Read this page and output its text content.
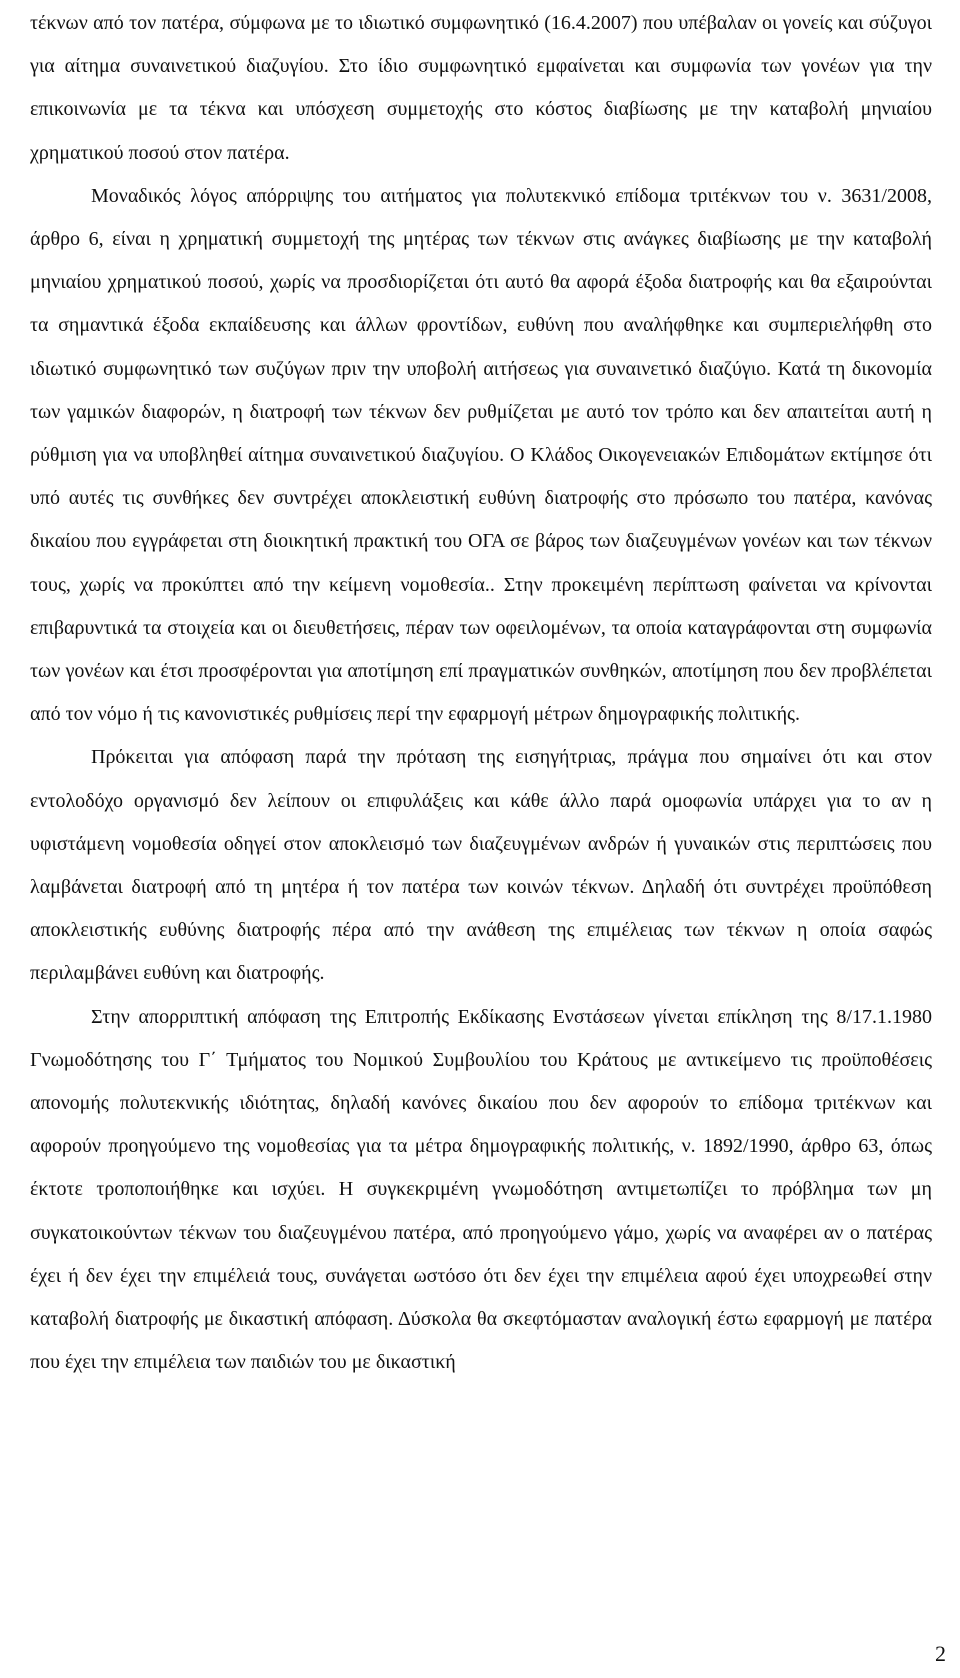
τέκνων από τον πατέρα, σύμφωνα με το ιδιωτικό συμφωνητικό (16.4.2007) που υπέβαλαν οι γονείς και σύζυγοι για αίτημα συναινετικού διαζυγίου. Στο ίδιο συμφωνητικό εμφαίνεται και συμφωνία των γονέων για την επικοινωνία με τα τέκνα και υπόσχεση συμμετοχής στο κόστος διαβίωσης με την καταβολή μηνιαίου χρηματικού ποσού στον πατέρα.

Μοναδικός λόγος απόρριψης του αιτήματος για πολυτεκνικό επίδομα τριτέκνων του ν. 3631/2008, άρθρο 6, είναι η χρηματική συμμετοχή της μητέρας των τέκνων στις ανάγκες διαβίωσης με την καταβολή μηνιαίου χρηματικού ποσού, χωρίς να προσδιορίζεται ότι αυτό θα αφορά έξοδα διατροφής και θα εξαιρούνται τα σημαντικά έξοδα εκπαίδευσης και άλλων φροντίδων, ευθύνη που αναλήφθηκε και συμπεριελήφθη στο ιδιωτικό συμφωνητικό των συζύγων πριν την υποβολή αιτήσεως για συναινετικό διαζύγιο. Κατά τη δικονομία των γαμικών διαφορών, η διατροφή των τέκνων δεν ρυθμίζεται με αυτό τον τρόπο και δεν απαιτείται αυτή η ρύθμιση για να υποβληθεί αίτημα συναινετικού διαζυγίου. Ο Κλάδος Οικογενειακών Επιδομάτων εκτίμησε ότι υπό αυτές τις συνθήκες δεν συντρέχει αποκλειστική ευθύνη διατροφής στο πρόσωπο του πατέρα, κανόνας δικαίου που εγγράφεται στη διοικητική πρακτική του ΟΓΑ σε βάρος των διαζευγμένων γονέων και των τέκνων τους, χωρίς να προκύπτει από την κείμενη νομοθεσία.. Στην προκειμένη περίπτωση φαίνεται να κρίνονται επιβαρυντικά τα στοιχεία και οι διευθετήσεις, πέραν των οφειλομένων, τα οποία καταγράφονται στη συμφωνία των γονέων και έτσι προσφέρονται για αποτίμηση επί πραγματικών συνθηκών, αποτίμηση που δεν προβλέπεται από τον νόμο ή τις κανονιστικές ρυθμίσεις περί την εφαρμογή μέτρων δημογραφικής πολιτικής.

Πρόκειται για απόφαση παρά την πρόταση της εισηγήτριας, πράγμα που σημαίνει ότι και στον εντολοδόχο οργανισμό δεν λείπουν οι επιφυλάξεις και κάθε άλλο παρά ομοφωνία υπάρχει για το αν η υφιστάμενη νομοθεσία οδηγεί στον αποκλεισμό των διαζευγμένων ανδρών ή γυναικών στις περιπτώσεις που λαμβάνεται διατροφή από τη μητέρα ή τον πατέρα των κοινών τέκνων. Δηλαδή ότι συντρέχει προϋπόθεση αποκλειστικής ευθύνης διατροφής πέρα από την ανάθεση της επιμέλειας των τέκνων η οποία σαφώς περιλαμβάνει ευθύνη και διατροφής.

Στην απορριπτική απόφαση της Επιτροπής Εκδίκασης Ενστάσεων γίνεται επίκληση της 8/17.1.1980 Γνωμοδότησης του Γ΄ Τμήματος του Νομικού Συμβουλίου του Κράτους με αντικείμενο τις προϋποθέσεις απονομής πολυτεκνικής ιδιότητας, δηλαδή κανόνες δικαίου που δεν αφορούν το επίδομα τριτέκνων και αφορούν προηγούμενο της νομοθεσίας για τα μέτρα δημογραφικής πολιτικής, ν. 1892/1990, άρθρο 63, όπως έκτοτε τροποποιήθηκε και ισχύει. Η συγκεκριμένη γνωμοδότηση αντιμετωπίζει το πρόβλημα των μη συγκατοικούντων τέκνων του διαζευγμένου πατέρα, από προηγούμενο γάμο, χωρίς να αναφέρει αν ο πατέρας έχει ή δεν έχει την επιμέλειά τους, συνάγεται ωστόσο ότι δεν έχει την επιμέλεια αφού έχει υποχρεωθεί στην καταβολή διατροφής με δικαστική απόφαση. Δύσκολα θα σκεφτόμασταν αναλογική έστω εφαρμογή με πατέρα που έχει την επιμέλεια των παιδιών του με δικαστική

2
